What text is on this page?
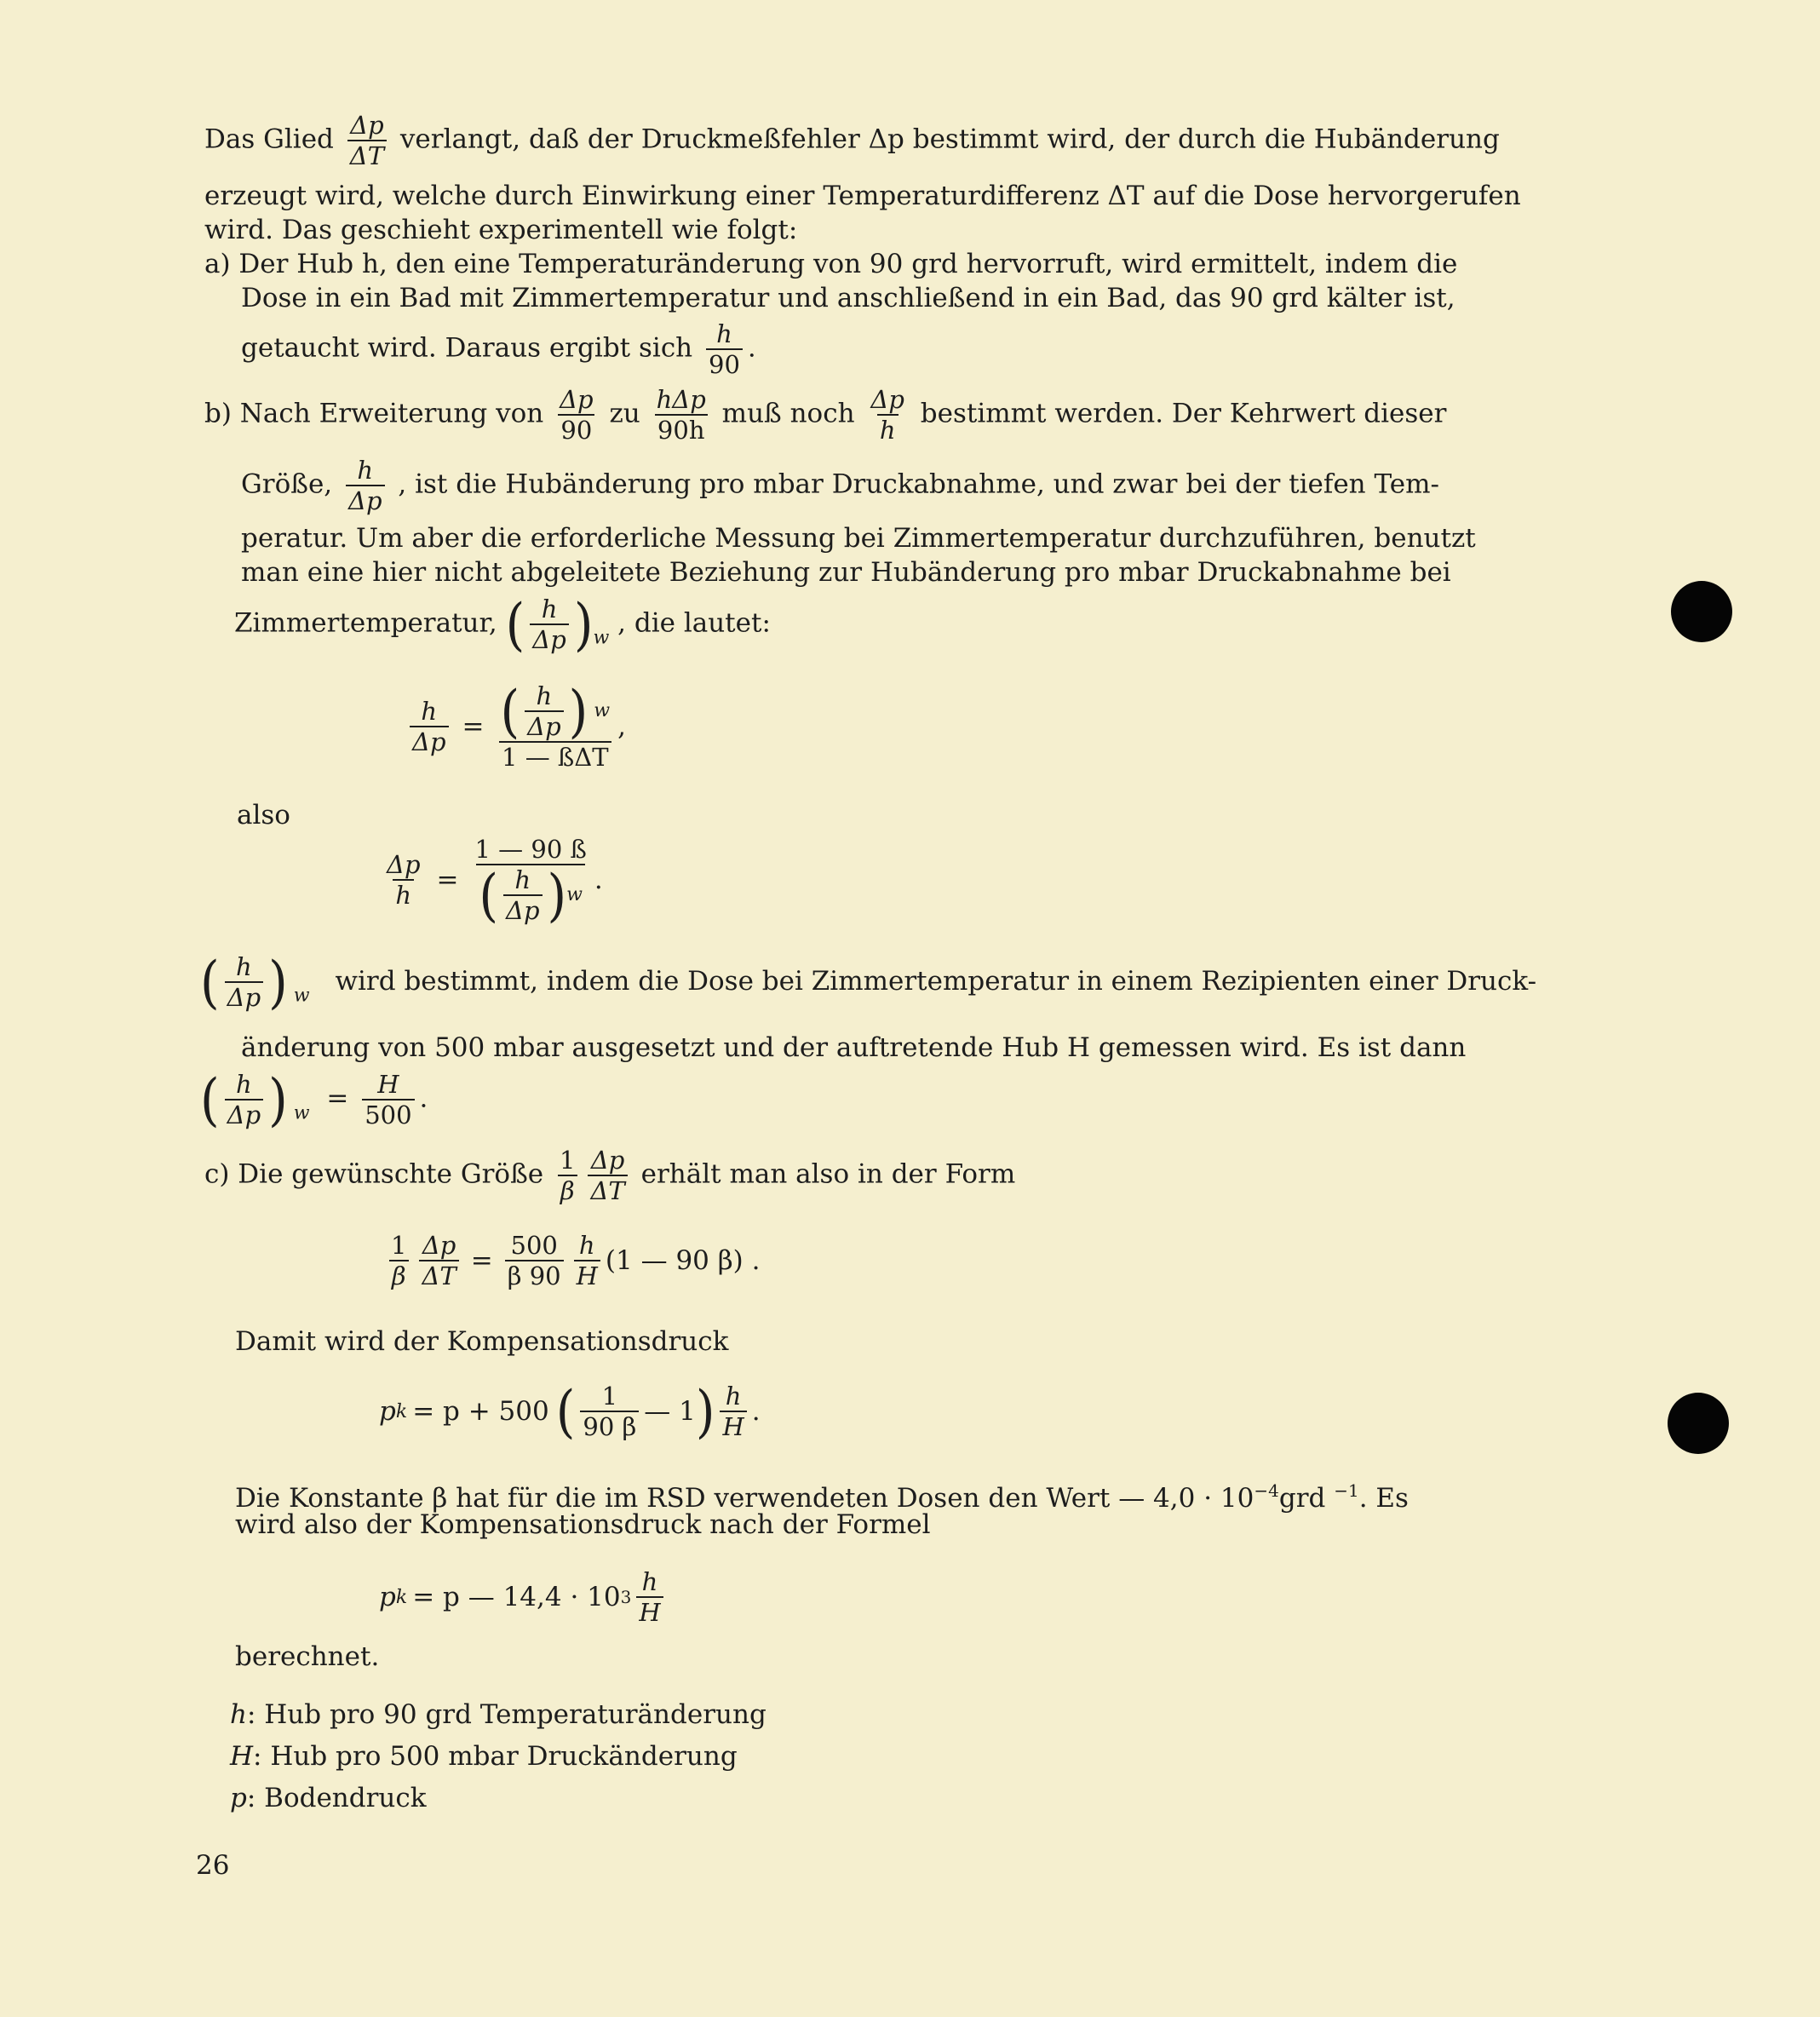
Das Glied $\frac{\Delta p}{\Delta T}$ verlangt, daß der Druckmeßfehler Δp bestimmt wird, der durch die Hubänderung
erzeugt wird, welche durch Einwirkung einer Temperaturdifferenz ΔT auf die Dose hervorgerufen
wird. Das geschieht experimentell wie folgt:
a) Der Hub h, den eine Temperaturänderung von 90 grd hervorruft, wird ermittelt, indem die
Dose in ein Bad mit Zimmertemperatur und anschließend in ein Bad, das 90 grd kälter ist,
getaucht wird. Daraus ergibt sich $\frac{h}{90}$ .
b) Nach Erweiterung von $\frac{\Delta p}{90}$ zu $\frac{\text{hΔp}}{90h}$ muß noch $\frac{\Delta p}{h}$ bestimmt werden. Der Kehrwert dieser
Größe, $\frac{h}{\Delta p}$ , ist die Hubänderung pro mbar Druckabnahme, und zwar bei der tiefen Tem-
peratur. Um aber die erforderliche Messung bei Zimmertemperatur durchzuführen, benutzt
man eine hier nicht abgeleitete Beziehung zur Hubänderung pro mbar Druckabnahme bei
Zimmertemperatur, ( $\frac{h}{\Delta p} )_w$ , die lautet:
$\frac{h}{\Delta p} = \frac{( \frac{h}{\Delta p} ) w}{\text{1 — ßΔT}}$ ,
also
$\frac{\Delta p}{h} = \frac{1 — 90 ß}{( \frac{h}{\Delta p} ) w}$ .
( $\frac{h}{\Delta p}$ ) $_w$ wird bestimmt, indem die Dose bei Zimmertemperatur in einem Rezipienten einer Druck-
änderung von 500 mbar ausgesetzt und der auftretende Hub H gemessen wird. Es ist dann
( $\frac{h}{\Delta p}$ ) $_w = \frac{H}{500}$ .
c) Die gewünschte Größe $\frac{1}{\beta} \frac{\Delta p}{\Delta T}$ erhält man also in der Form
$\frac{1}{\beta} \frac{\Delta p}{\Delta T} = \frac{500}{\beta 90} \frac{h}{H} (1$ — 90 β) .
Damit wird der Kompensationsdruck
p k = p + 500 ( $\frac{1}{90 \beta}$ — 1 ) $\frac{h}{H}$ .
Die Konstante β hat für die im RSD verwendeten Dosen den Wert — $4,0 \cdot 10^{-4}grd$ $^{-1}$. Es
wird also der Kompensationsdruck nach der Formel
p k = p — 14,4 · 10 $3 \frac{h}{H}$
berechnet.
h: Hub pro 90 grd Temperaturänderung
H: Hub pro 500 mbar Druckänderung
p: Bodendruck
26
